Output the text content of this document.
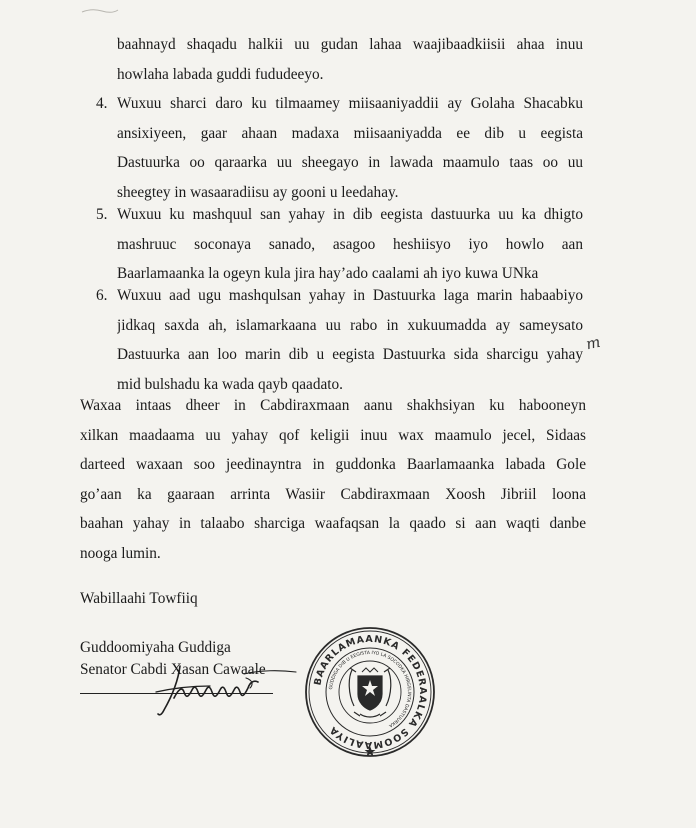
baahnayd shaqadu halkii uu gudan lahaa waajibaadkiisii ahaa inuu
howlaha labada guddi fududeeyo.
4. Wuxuu sharci daro ku tilmaamey miisaaniyaddii ay Golaha Shacabku
ansixiyeen, gaar ahaan madaxa miisaaniyadda ee dib u eegista
Dastuurka oo qaraarka uu sheegayo in lawada maamulo taas oo uu
sheegtey in wasaaradiisu ay gooni u leedahay.
5. Wuxuu ku mashquul san yahay in dib eegista dastuurka uu ka dhigto
mashruuc soconaya sanado, asagoo heshiisyo iyo howlo aan
Baarlamaanka la ogeyn kula jira hay’ado caalami ah iyo kuwa UNka
6. Wuxuu aad ugu mashqulsan yahay in Dastuurka laga marin habaabiyo
jidkaq saxda ah, islamarkaana uu rabo in xukuumadda ay sameysato
Dastuurka aan loo marin dib u eegista Dastuurka sida sharcigu yahay
mid bulshadu ka wada qayb qaadato.
m
Waxaa intaas dheer in Cabdiraxmaan aanu shakhsiyan ku habooneyn
xilkan maadaama uu yahay qof keligii inuu wax maamulo jecel, Sidaas
darteed waxaan soo jeedinayntra in guddonka Baarlamaanka labada Gole
go’aan ka gaaraan arrinta Wasiir Cabdiraxmaan Xoosh Jibriil loona
baahan yahay in talaabo sharciga waafaqsan la qaado si aan waqti danbe
nooga lumin.
Wabillaahi Towfiiq
Guddoomiyaha Guddiga
Senator Cabdi Xasan Cawaale
BAARLAMAANKA FEDERAALKA SOOMAALIYA
GUDDIGA DIB U EEGISTA IYO LA SOCODKA HIRGELINTA DASTUURKA
